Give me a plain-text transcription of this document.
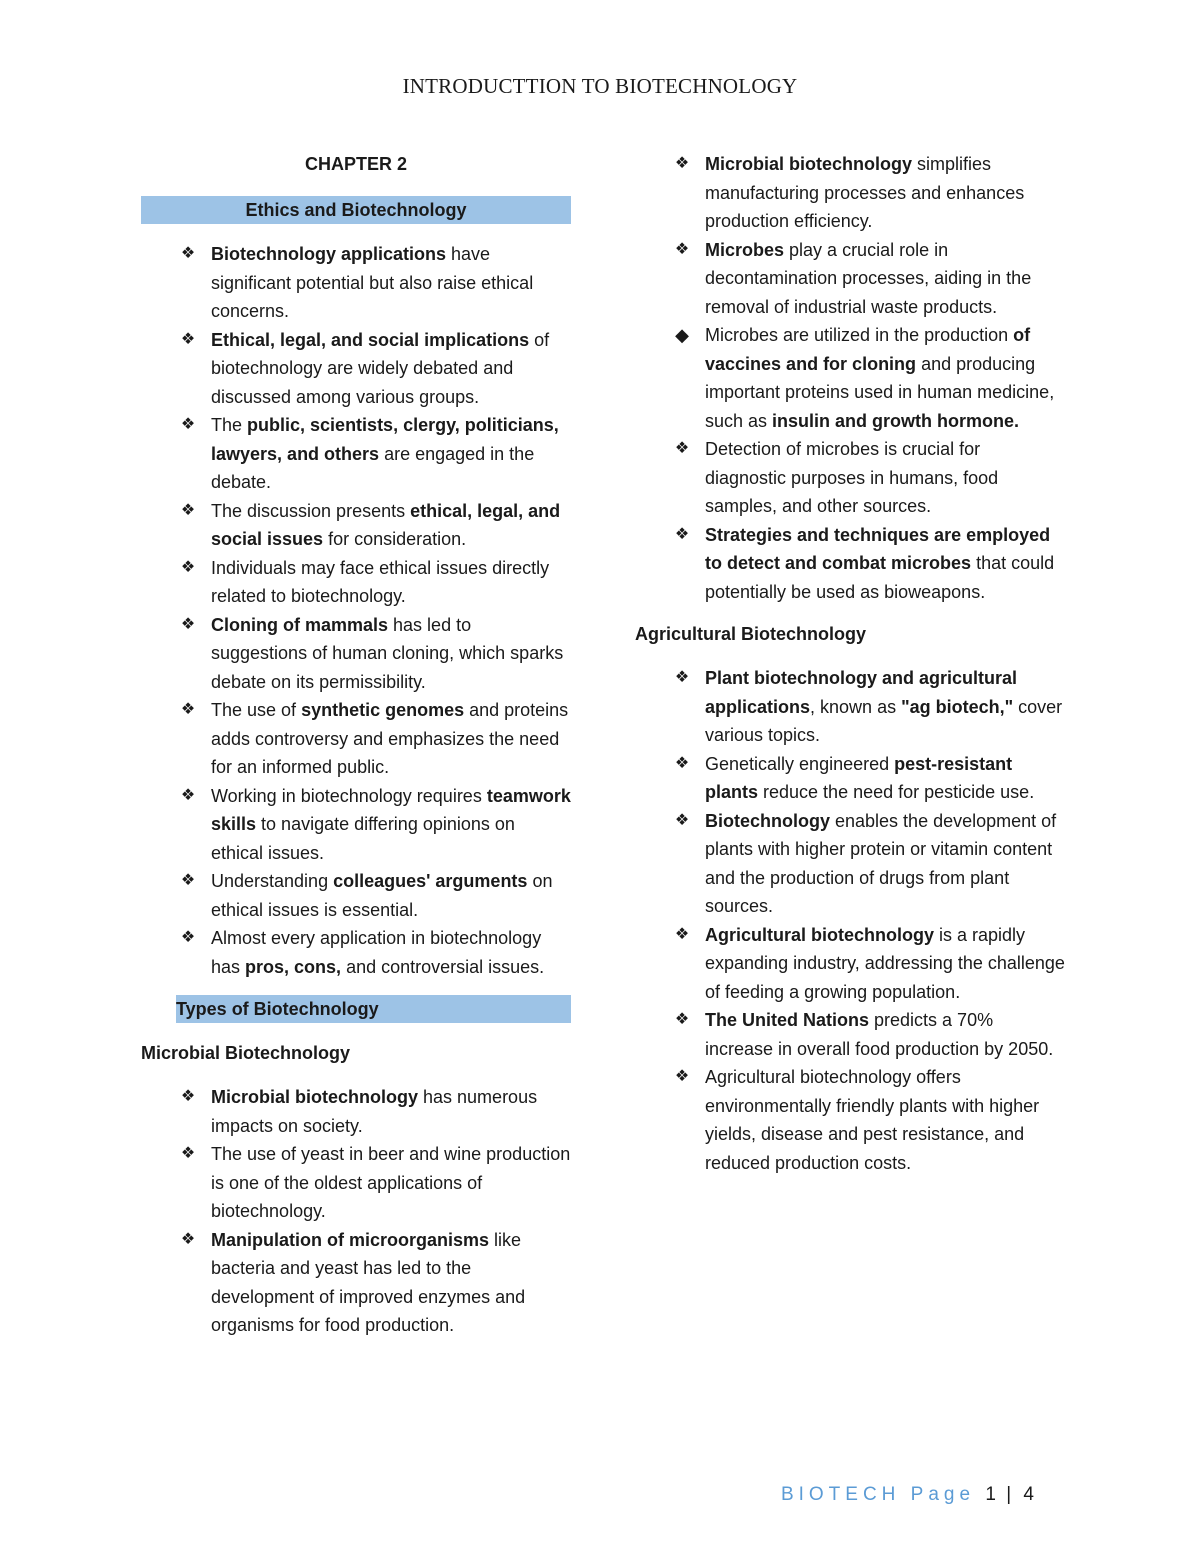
INTRODUCTTION TO BIOTECHNOLOGY
CHAPTER 2
Ethics and Biotechnology
❖ Biotechnology applications have significant potential but also raise ethical concerns.
❖ Ethical, legal, and social implications of biotechnology are widely debated and discussed among various groups.
❖ The public, scientists, clergy, politicians, lawyers, and others are engaged in the debate.
❖ The discussion presents ethical, legal, and social issues for consideration.
❖ Individuals may face ethical issues directly related to biotechnology.
❖ Cloning of mammals has led to suggestions of human cloning, which sparks debate on its permissibility.
❖ The use of synthetic genomes and proteins adds controversy and emphasizes the need for an informed public.
❖ Working in biotechnology requires teamwork skills to navigate differing opinions on ethical issues.
❖ Understanding colleagues' arguments on ethical issues is essential.
❖ Almost every application in biotechnology has pros, cons, and controversial issues.
Types of Biotechnology
Microbial Biotechnology
❖ Microbial biotechnology has numerous impacts on society.
❖ The use of yeast in beer and wine production is one of the oldest applications of biotechnology.
❖ Manipulation of microorganisms like bacteria and yeast has led to the development of improved enzymes and organisms for food production.
❖ Microbial biotechnology simplifies manufacturing processes and enhances production efficiency.
❖ Microbes play a crucial role in decontamination processes, aiding in the removal of industrial waste products.
◆ Microbes are utilized in the production of vaccines and for cloning and producing important proteins used in human medicine, such as insulin and growth hormone.
❖ Detection of microbes is crucial for diagnostic purposes in humans, food samples, and other sources.
❖ Strategies and techniques are employed to detect and combat microbes that could potentially be used as bioweapons.
Agricultural Biotechnology
❖ Plant biotechnology and agricultural applications, known as "ag biotech," cover various topics.
❖ Genetically engineered pest-resistant plants reduce the need for pesticide use.
❖ Biotechnology enables the development of plants with higher protein or vitamin content and the production of drugs from plant sources.
❖ Agricultural biotechnology is a rapidly expanding industry, addressing the challenge of feeding a growing population.
❖ The United Nations predicts a 70% increase in overall food production by 2050.
❖ Agricultural biotechnology offers environmentally friendly plants with higher yields, disease and pest resistance, and reduced production costs.
BIOTECH Page 1 | 4
